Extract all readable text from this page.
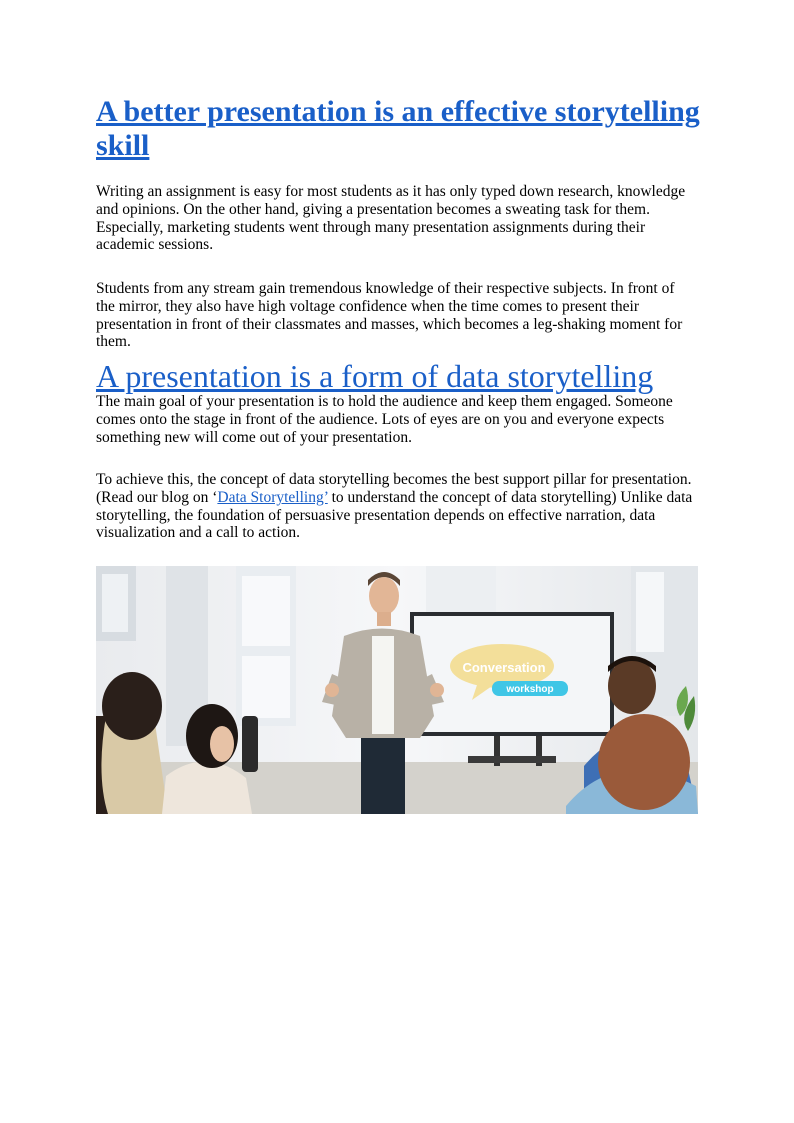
A better presentation is an effective storytelling skill

Writing an assignment is easy for most students as it has only typed down research, knowledge and opinions. On the other hand, giving a presentation becomes a sweating task for them. Especially, marketing students went through many presentation assignments during their academic sessions.

Students from any stream gain tremendous knowledge of their respective subjects. In front of the mirror, they also have high voltage confidence when the time comes to present their presentation in front of their classmates and masses, which becomes a leg-shaking moment for them.

A presentation is a form of data storytelling

The main goal of your presentation is to hold the audience and keep them engaged. Someone comes onto the stage in front of the audience. Lots of eyes are on you and everyone expects something new will come out of your presentation.

To achieve this, the concept of data storytelling becomes the best support pillar for presentation. (Read our blog on ‘Data Storytelling’ to understand the concept of data storytelling) Unlike data storytelling, the foundation of persuasive presentation depends on effective narration, data visualization and a call to action.

Conversation
workshop
